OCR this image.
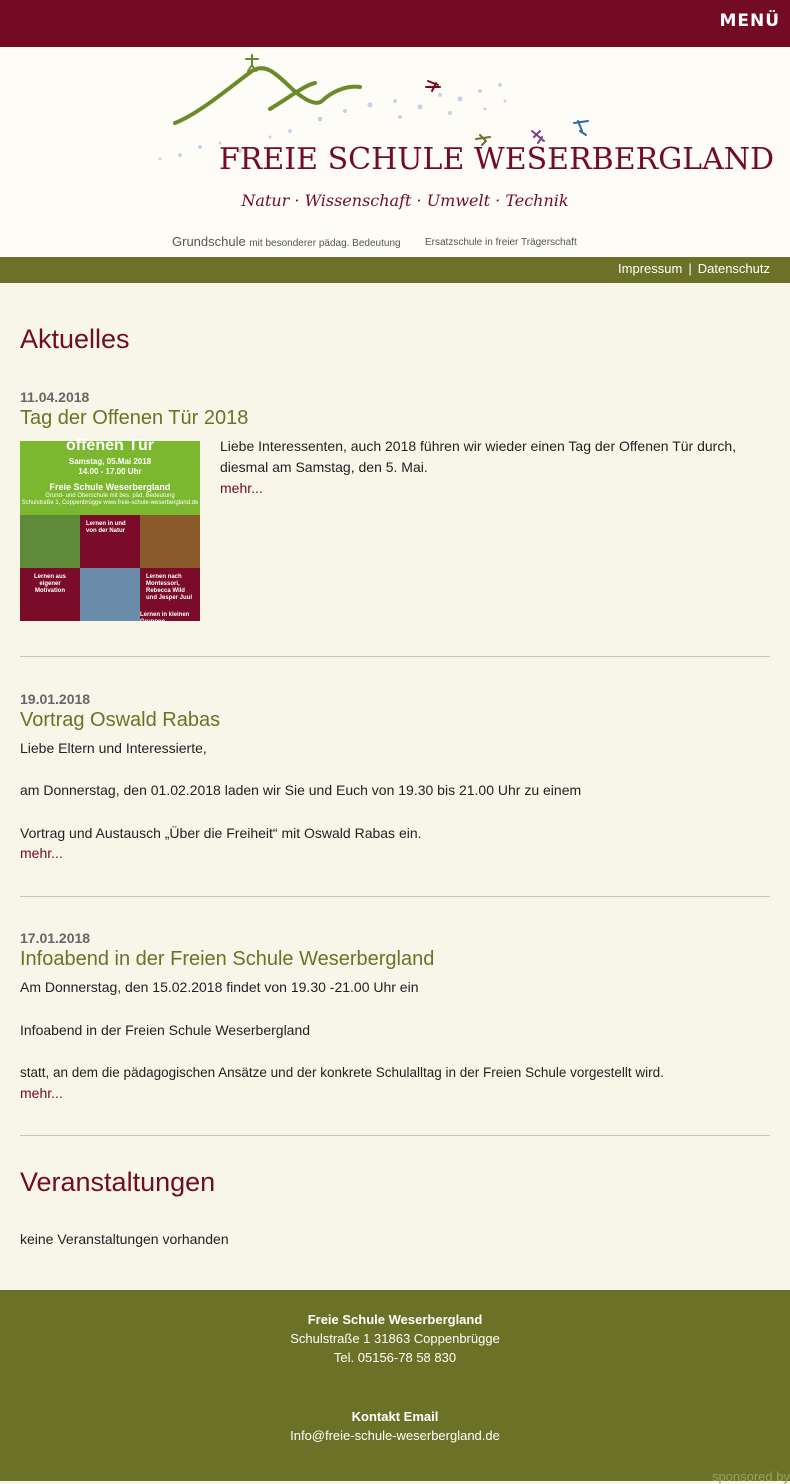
MENÜ
FREIE SCHULE WESERBERGLAND
Natur · Wissenschaft · Umwelt · Technik
Grundschule mit besonderer pädag. Bedeutung Ersatzschule in freier Trägerschaft
Impressum | Datenschutz
Aktuelles
11.04.2018
Tag der Offenen Tür 2018
offenen Tür
Samstag, 05.Mai 2018
14.00 - 17.00 Uhr
Freie Schule Weserbergland
Grund- und Oberschule mit bes. päd. Bedeutung
Schulstraße 1, Coppenbrügge www.freie-schule-weserbergland.de
Lernen in und von der Natur
Lernen aus eigener Motivation
Lernen nach Montessori, Rebecca Wild und Jesper Juul
Lernen in kleinen Gruppen
Liebe Interessenten, auch 2018 führen wir wieder einen Tag der Offenen Tür durch,
diesmal am Samstag, den 5. Mai.
mehr...
19.01.2018
Vortrag Oswald Rabas
Liebe Eltern und Interessierte,
am Donnerstag, den 01.02.2018 laden wir Sie und Euch von 19.30 bis 21.00 Uhr zu einem
Vortrag und Austausch „Über die Freiheit“ mit Oswald Rabas ein.
mehr...
17.01.2018
Infoabend in der Freien Schule Weserbergland
Am Donnerstag, den 15.02.2018 findet von 19.30 -21.00 Uhr ein
Infoabend in der Freien Schule Weserbergland
statt, an dem die pädagogischen Ansätze und der konkrete Schulalltag in der Freien Schule vorgestellt wird.
mehr...
Veranstaltungen
keine Veranstaltungen vorhanden
Freie Schule Weserbergland
Schulstraße 1 31863 Coppenbrügge
Tel. 05156-78 58 830
Kontakt Email
Info@freie-schule-weserbergland.de
sponsored by
